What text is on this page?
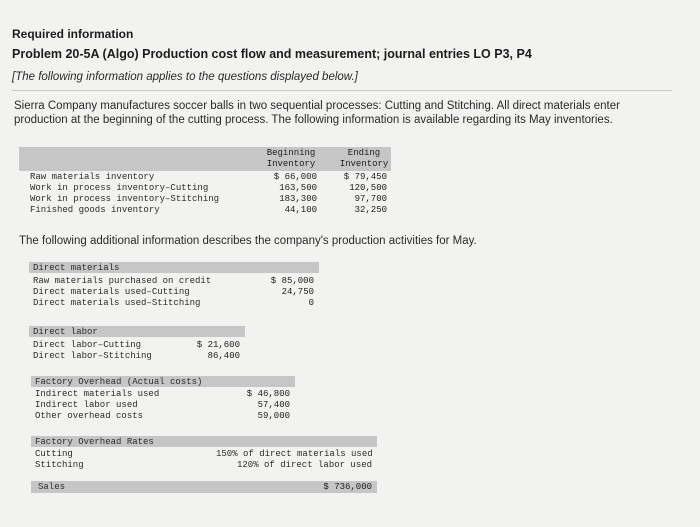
Required information
Problem 20-5A (Algo) Production cost flow and measurement; journal entries LO P3, P4
[The following information applies to the questions displayed below.]
Sierra Company manufactures soccer balls in two sequential processes: Cutting and Stitching. All direct materials enter production at the beginning of the cutting process. The following information is available regarding its May inventories.
Beginning
Inventory
Ending
Inventory
Raw materials inventory	$ 66,000	$ 79,450
Work in process inventory–Cutting	163,500	120,500
Work in process inventory–Stitching	183,300	97,700
Finished goods inventory	44,100	32,250
The following additional information describes the company's production activities for May.
Direct materials
Raw materials purchased on credit	$ 85,000
Direct materials used–Cutting	24,750
Direct materials used–Stitching	0
Direct labor
Direct labor–Cutting	$ 21,600
Direct labor–Stitching	86,400
Factory Overhead (Actual costs)
Indirect materials used	$ 46,800
Indirect labor used	57,400
Other overhead costs	59,000
Factory Overhead Rates
Cutting	150% of direct materials used
Stitching	120% of direct labor used
Sales	$ 736,000
